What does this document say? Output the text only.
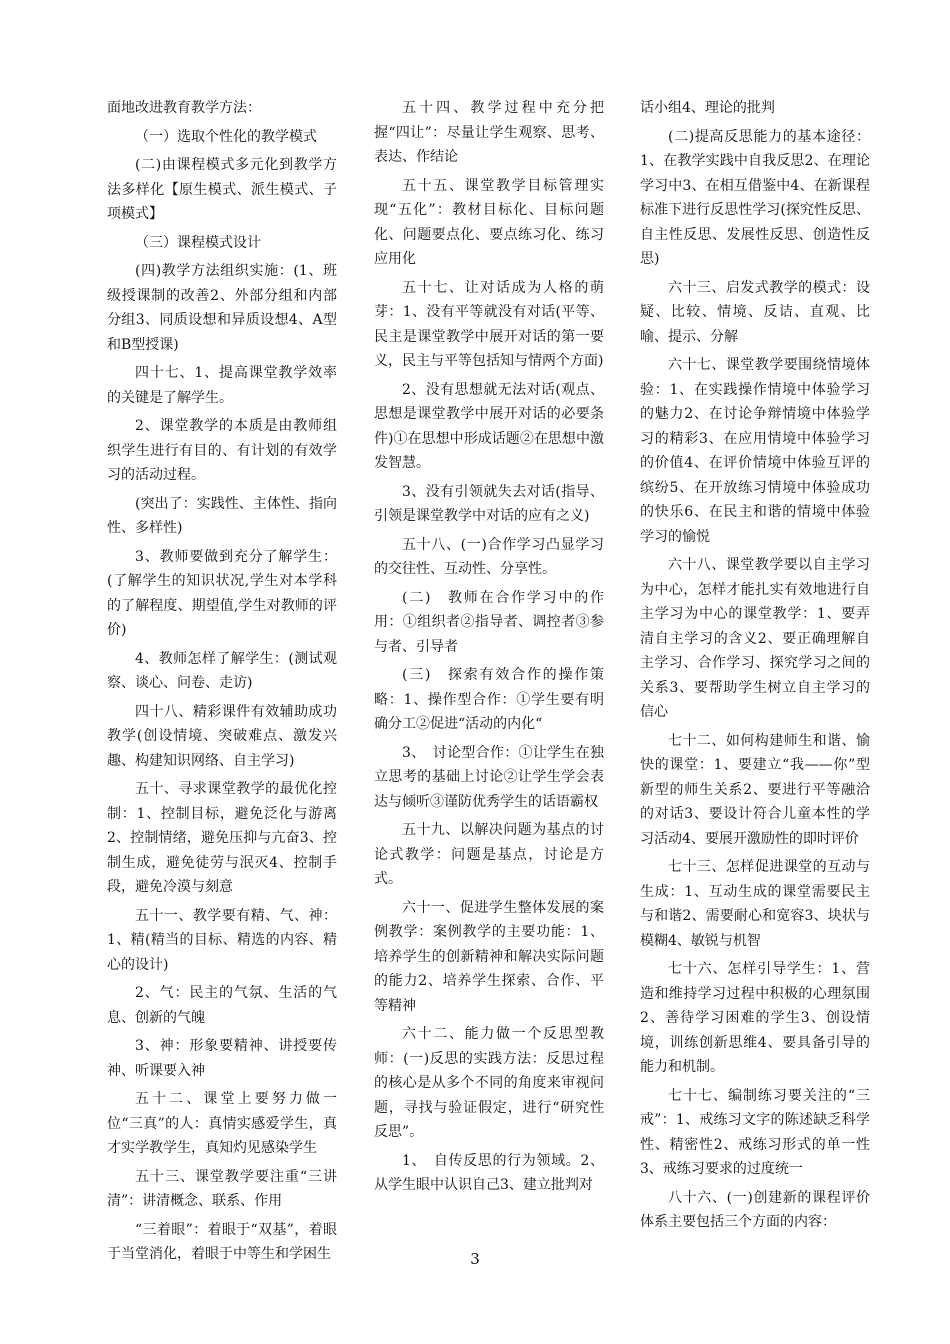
面地改进教育教学方法：

（一）选取个性化的教学模式

(二)由课程模式多元化到教学方法多样化【原生模式、派生模式、子项模式】

（三）课程模式设计

(四)教学方法组织实施：(1、班级授课制的改善2、外部分组和内部分组3、同质设想和异质设想4、A型和B型授课)

四十七、1、提高课堂教学效率的关键是了解学生。

2、课堂教学的本质是由教师组织学生进行有目的、有计划的有效学习的活动过程。

(突出了：实践性、主体性、指向性、多样性)

3、教师要做到充分了解学生：(了解学生的知识状况,学生对本学科的了解程度、期望值,学生对教师的评价)

4、教师怎样了解学生：(测试观察、谈心、问卷、走访)

四十八、精彩课件有效辅助成功教学(创设情境、突破难点、激发兴趣、构建知识网络、自主学习)

五十、寻求课堂教学的最优化控制：1、控制目标，避免泛化与游离2、控制情绪，避免压抑与亢奋3、控制生成，避免徒劳与泯灭4、控制手段，避免冷漠与刻意

五十一、教学要有精、气、神：1、精(精当的目标、精选的内容、精心的设计)

2、气：民主的气氛、生活的气息、创新的气魄

3、神：形象要精神、讲授要传神、听课要入神

五十二、课堂上要努力做一位“三真”的人：真情实感爱学生，真才实学教学生，真知灼见感染学生

五十三、课堂教学要注重“三讲清”：讲清概念、联系、作用

“三着眼”：着眼于“双基”，着眼于当堂消化，着眼于中等生和学困生

五十四、教学过程中充分把握“四让”：尽量让学生观察、思考、表达、作结论

五十五、课堂教学目标管理实现“五化”：教材目标化、目标问题化、问题要点化、要点练习化、练习应用化

五十七、让对话成为人格的萌芽：1、没有平等就没有对话(平等、民主是课堂教学中展开对话的第一要义，民主与平等包括知与情两个方面)

2、没有思想就无法对话(观点、思想是课堂教学中展开对话的必要条件)①在思想中形成话题②在思想中激发智慧。

3、没有引领就失去对话(指导、引领是课堂教学中对话的应有之义)

五十八、(一)合作学习凸显学习的交往性、互动性、分享性。

(二)　教师在合作学习中的作用：①组织者②指导者、调控者③参与者、引导者

(三)　探索有效合作的操作策略：1、操作型合作：①学生要有明确分工②促进“活动的内化“

3、　讨论型合作：①让学生在独立思考的基础上讨论②让学生学会表达与倾听③谨防优秀学生的话语霸权

五十九、以解决问题为基点的讨论式教学：问题是基点，讨论是方式。

六十一、促进学生整体发展的案例教学：案例教学的主要功能：1、培养学生的创新精神和解决实际问题的能力2、培养学生探索、合作、平等精神

六十二、能力做一个反思型教师：(一)反思的实践方法：反思过程的核心是从多个不同的角度来审视问题，寻找与验证假定，进行“研究性反思”。

1、　自传反思的行为领域。2、从学生眼中认识自己3、建立批判对

话小组4、理论的批判

(二)提高反思能力的基本途径：1、在教学实践中自我反思2、在理论学习中3、在相互借鉴中4、在新课程标准下进行反思性学习(探究性反思、自主性反思、发展性反思、创造性反思)

六十三、启发式教学的模式：设疑、比较、情境、反诘、直观、比喻、提示、分解

六十七、课堂教学要围绕情境体验：1、在实践操作情境中体验学习的魅力2、在讨论争辩情境中体验学习的精彩3、在应用情境中体验学习的价值4、在评价情境中体验互评的缤纷5、在开放练习情境中体验成功的快乐6、在民主和谐的情境中体验学习的愉悦

六十八、课堂教学要以自主学习为中心，怎样才能扎实有效地进行自主学习为中心的课堂教学：1、要弄清自主学习的含义2、要正确理解自主学习、合作学习、探究学习之间的关系3、要帮助学生树立自主学习的信心

七十二、如何构建师生和谐、愉快的课堂：1、要建立“我——你”型新型的师生关系2、要进行平等融洽的对话3、要设计符合儿童本性的学习活动4、要展开激励性的即时评价

七十三、怎样促进课堂的互动与生成：1、互动生成的课堂需要民主与和谐2、需要耐心和宽容3、块状与模糊4、敏锐与机智

七十六、怎样引导学生：1、营造和维持学习过程中积极的心理氛围2、善待学习困难的学生3、创设情境，训练创新思维4、要具备引导的能力和机制。

七十七、编制练习要关注的“三戒”：1、戒练习文字的陈述缺乏科学性、精密性2、戒练习形式的单一性3、戒练习要求的过度统一

八十六、(一)创建新的课程评价体系主要包括三个方面的内容：

3
